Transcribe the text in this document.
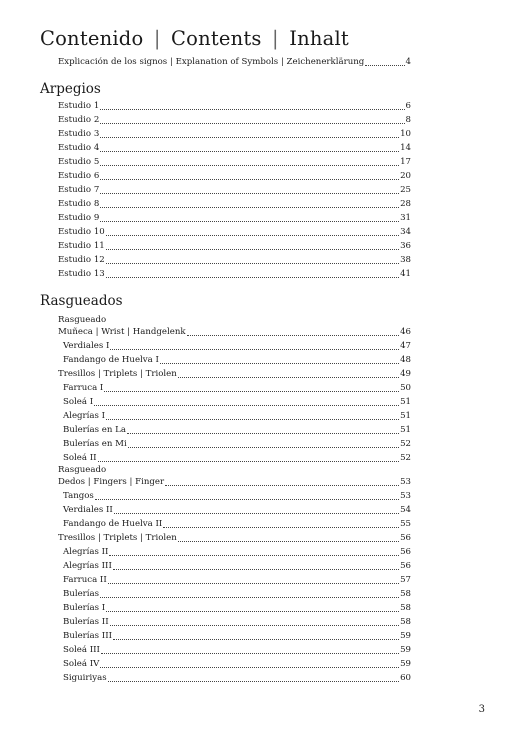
Contenido | Contents | Inhalt
Explicación de los signos | Explanation of Symbols | Zeichenerklärung	4
Arpegios
Estudio 1	6
Estudio 2	8
Estudio 3	10
Estudio 4	14
Estudio 5	17
Estudio 6	20
Estudio 7	25
Estudio 8	28
Estudio 9	31
Estudio 10	34
Estudio 11	36
Estudio 12	38
Estudio 13	41
Rasgueados
Rasgueado
Muñeca | Wrist | Handgelenk	46
Verdiales I	47
Fandango de Huelva I	48
Tresillos | Triplets | Triolen	49
Farruca I	50
Soleá I	51
Alegrías I	51
Bulerías en La	51
Bulerías en Mi	52
Soleá II	52
Rasgueado
Dedos | Fingers | Finger	53
Tangos	53
Verdiales II	54
Fandango de Huelva II	55
Tresillos | Triplets | Triolen	56
Alegrías II	56
Alegrías III	56
Farruca II	57
Bulerías	58
Bulerías I	58
Bulerías II	58
Bulerías III	59
Soleá III	59
Soleá IV	59
Siguiriyas	60
3
